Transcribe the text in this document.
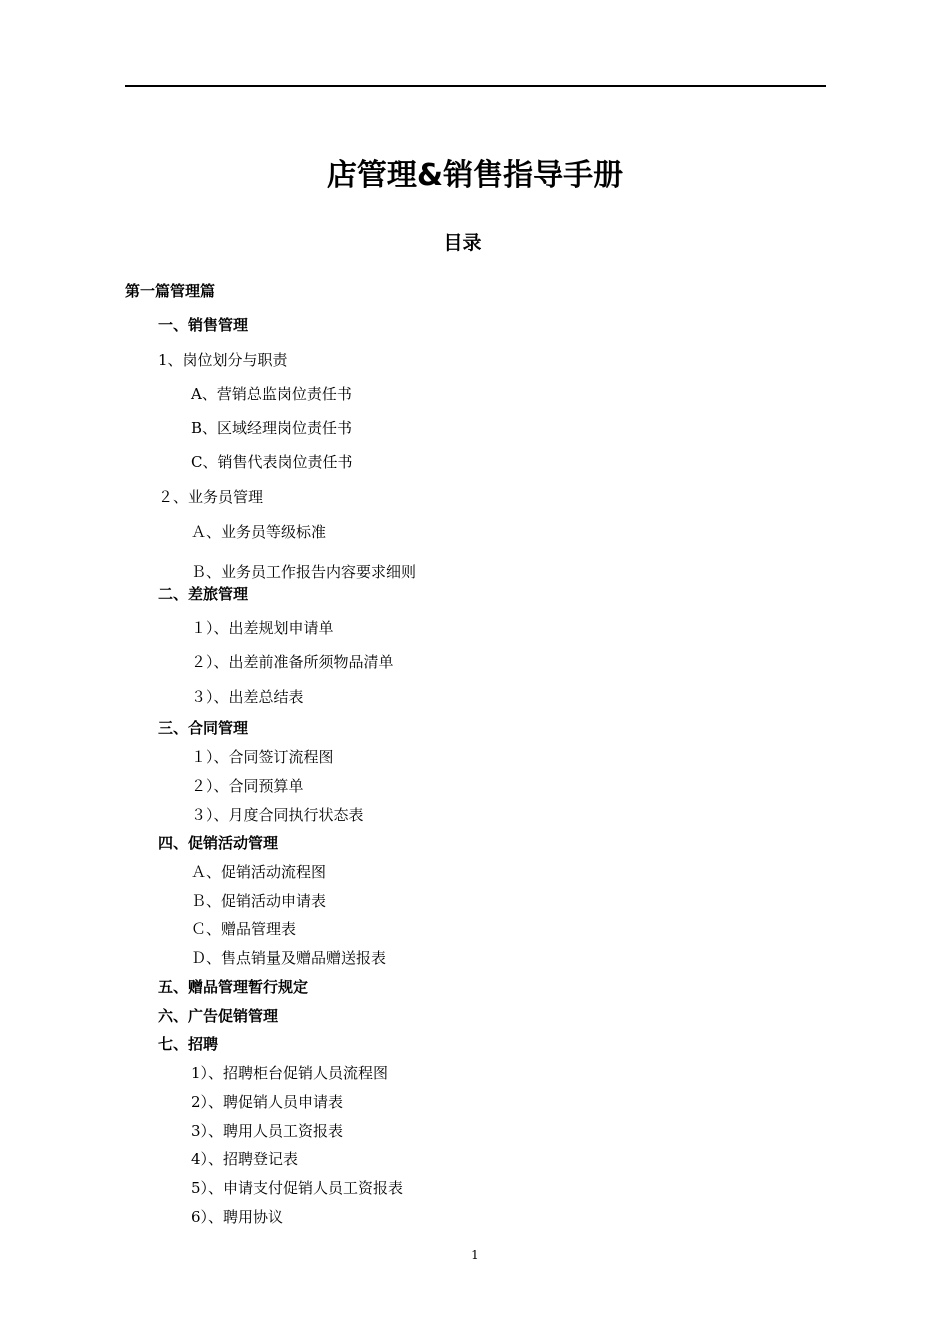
店管理&销售指导手册
目录
第一篇管理篇
一、销售管理
1、岗位划分与职责
A、营销总监岗位责任书
B、区域经理岗位责任书
C、销售代表岗位责任书
２、业务员管理
Ａ、业务员等级标准
Ｂ、业务员工作报告内容要求细则
二、差旅管理
１）、出差规划申请单
２）、出差前准备所须物品清单
３）、出差总结表
三、合同管理
１）、合同签订流程图
２）、合同预算单
３）、月度合同执行状态表
四、促销活动管理
Ａ、促销活动流程图
Ｂ、促销活动申请表
Ｃ、赠品管理表
Ｄ、售点销量及赠品赠送报表
五、赠品管理暂行规定
六、广告促销管理
七、招聘
1）、招聘柜台促销人员流程图
2）、聘促销人员申请表
3）、聘用人员工资报表
4）、招聘登记表
5）、申请支付促销人员工资报表
6）、聘用协议
1
